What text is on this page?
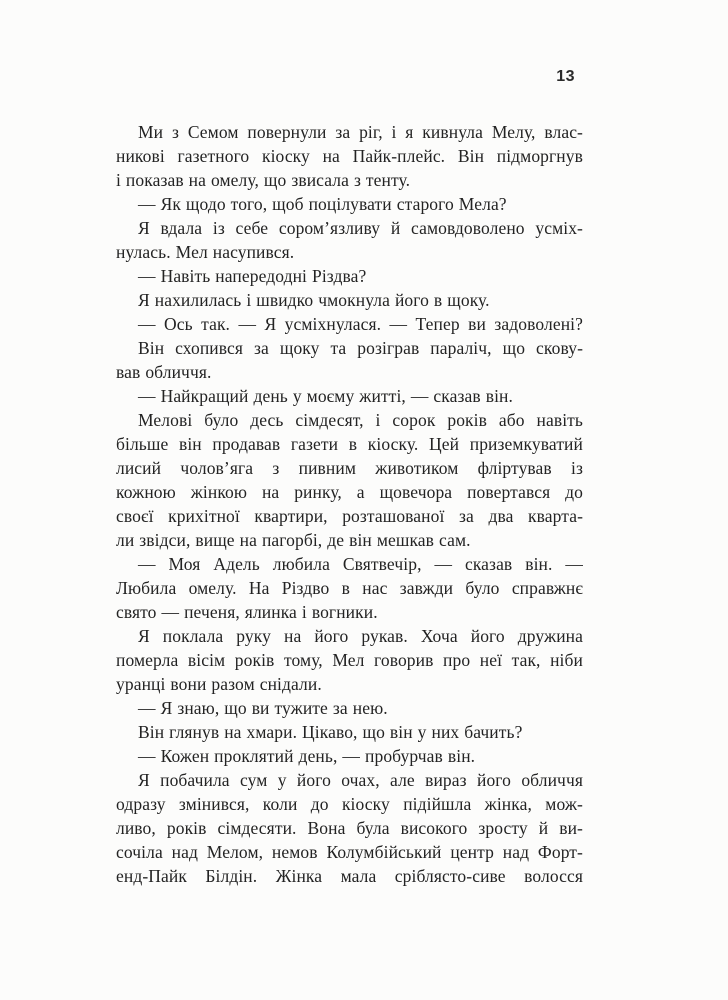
13
Ми з Семом повернули за ріг, і я кивнула Мелу, влас-
никові газетного кіоску на Пайк-плейс. Він підморгнув
і показав на омелу, що звисала з тенту.
— Як щодо того, щоб поцілувати старого Мела?
Я вдала із себе сором’язливу й самовдоволено усміх-
нулась. Мел насупився.
— Навіть напередодні Різдва?
Я нахилилась і швидко чмокнула його в щоку.
— Ось так. — Я усміхнулася. — Тепер ви задоволені?
Він схопився за щоку та розіграв параліч, що скову-
вав обличчя.
— Найкращий день у моєму житті, — сказав він.
Мелові було десь сімдесят, і сорок років або навіть
більше він продавав газети в кіоску. Цей приземкуватий
лисий чолов’яга з пивним животиком фліртував із
кожною жінкою на ринку, а щовечора повертався до
своєї крихітної квартири, розташованої за два кварта-
ли звідси, вище на пагорбі, де він мешкав сам.
— Моя Адель любила Святвечір, — сказав він. —
Любила омелу. На Різдво в нас завжди було справжнє
свято — печеня, ялинка і вогники.
Я поклала руку на його рукав. Хоча його дружина
померла вісім років тому, Мел говорив про неї так, ніби
уранці вони разом снідали.
— Я знаю, що ви тужите за нею.
Він глянув на хмари. Цікаво, що він у них бачить?
— Кожен проклятий день, — пробурчав він.
Я побачила сум у його очах, але вираз його обличчя
одразу змінився, коли до кіоску підійшла жінка, мож-
ливо, років сімдесяти. Вона була високого зросту й ви-
сочіла над Мелом, немов Колумбійський центр над Форт-
енд-Пайк Білдін. Жінка мала сріблясто-сиве волосся
